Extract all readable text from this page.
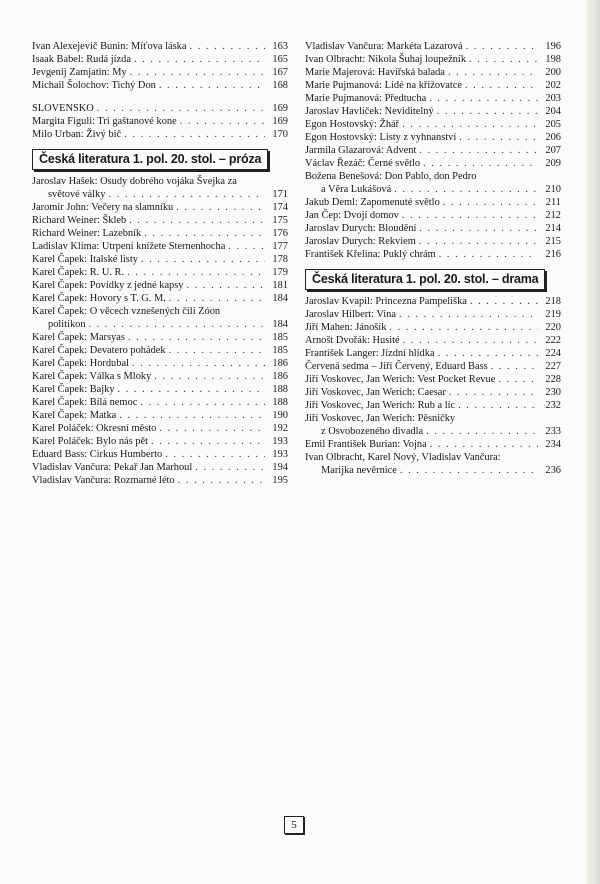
Ivan Alexejevič Bunin: Míťova láska . . .	163
Isaak Babel: Rudá jízda . . .	165
Jevgenij Zamjatin: My . . .	167
Michail Šolochov: Tichý Don . . .	168
SLOVENSKO . . .	169
Margita Figuli: Tri gaštanové kone . . .	169
Milo Urban: Živý bič . . .	170
Česká literatura 1. pol. 20. stol. – próza
Jaroslav Hašek: Osudy dobrého vojáka Švejka za
světové války . . .	171
Jaromír John: Večery na slamníku . . .	174
Richard Weiner: Škleb . . .	175
Richard Weiner: Lazebník . . .	176
Ladislav Klíma: Utrpení knížete Sternenhocha . . .	177
Karel Čapek: Italské listy . . .	178
Karel Čapek: R. U. R. . . .	179
Karel Čapek: Povídky z jedné kapsy . . .	181
Karel Čapek: Hovory s T. G. M. . . .	184
Karel Čapek: O věcech vznešených čili Zóon
politikon . . .	184
Karel Čapek: Marsyas . . .	185
Karel Čapek: Devatero pohádek . . .	185
Karel Čapek: Hordubal . . .	186
Karel Čapek: Válka s Mloky . . .	186
Karel Čapek: Bajky . . .	188
Karel Čapek: Bílá nemoc . . .	188
Karel Čapek: Matka . . .	190
Karel Poláček: Okresní město . . .	192
Karel Poláček: Bylo nás pět . . .	193
Eduard Bass: Cirkus Humberto . . .	193
Vladislav Vančura: Pekař Jan Marhoul . . .	194
Vladislav Vančura: Rozmarné léto . . .	195
Vladislav Vančura: Markéta Lazarová . . .	196
Ivan Olbracht: Nikola Šuhaj loupežník . . .	198
Marie Majerová: Havířská balada . . .	200
Marie Pujmanová: Lidé na křižovatce . . .	202
Marie Pujmanová: Předtucha . . .	203
Jaroslav Havlíček: Neviditelný . . .	204
Egon Hostovský: Žhář . . .	205
Egon Hostovský: Listy z vyhnanství . . .	206
Jarmila Glazarová: Advent . . .	207
Václav Řezáč: Černé světlo . . .	209
Božena Benešová: Don Pablo, don Pedro
a Věra Lukášová . . .	210
Jakub Deml: Zapomenuté světlo . . .	211
Jan Čep: Dvojí domov . . .	212
Jaroslav Durych: Bloudění . . .	214
Jaroslav Durych: Rekviem . . .	215
František Křelina: Puklý chrám . . .	216
Česká literatura 1. pol. 20. stol. – drama
Jaroslav Kvapil: Princezna Pampeliška . . .	218
Jaroslav Hilbert: Vina . . .	219
Jiří Mahen: Jánošík . . .	220
Arnošt Dvořák: Husité . . .	222
František Langer: Jízdní hlídka . . .	224
Červená sedma – Jiří Červený, Eduard Bass . . .	227
Jiří Voskovec, Jan Werich: Vest Pocket Revue . . .	228
Jiří Voskovec, Jan Werich: Caesar . . .	230
Jiří Voskovec, Jan Werich: Rub a líc . . .	232
Jiří Voskovec, Jan Werich: Pěsničky
z Osvobozeného divadla . . .	233
Emil František Burian: Vojna . . .	234
Ivan Olbracht, Karel Nový, Vladislav Vančura:
Marijka nevěrnice . . .	236
5
